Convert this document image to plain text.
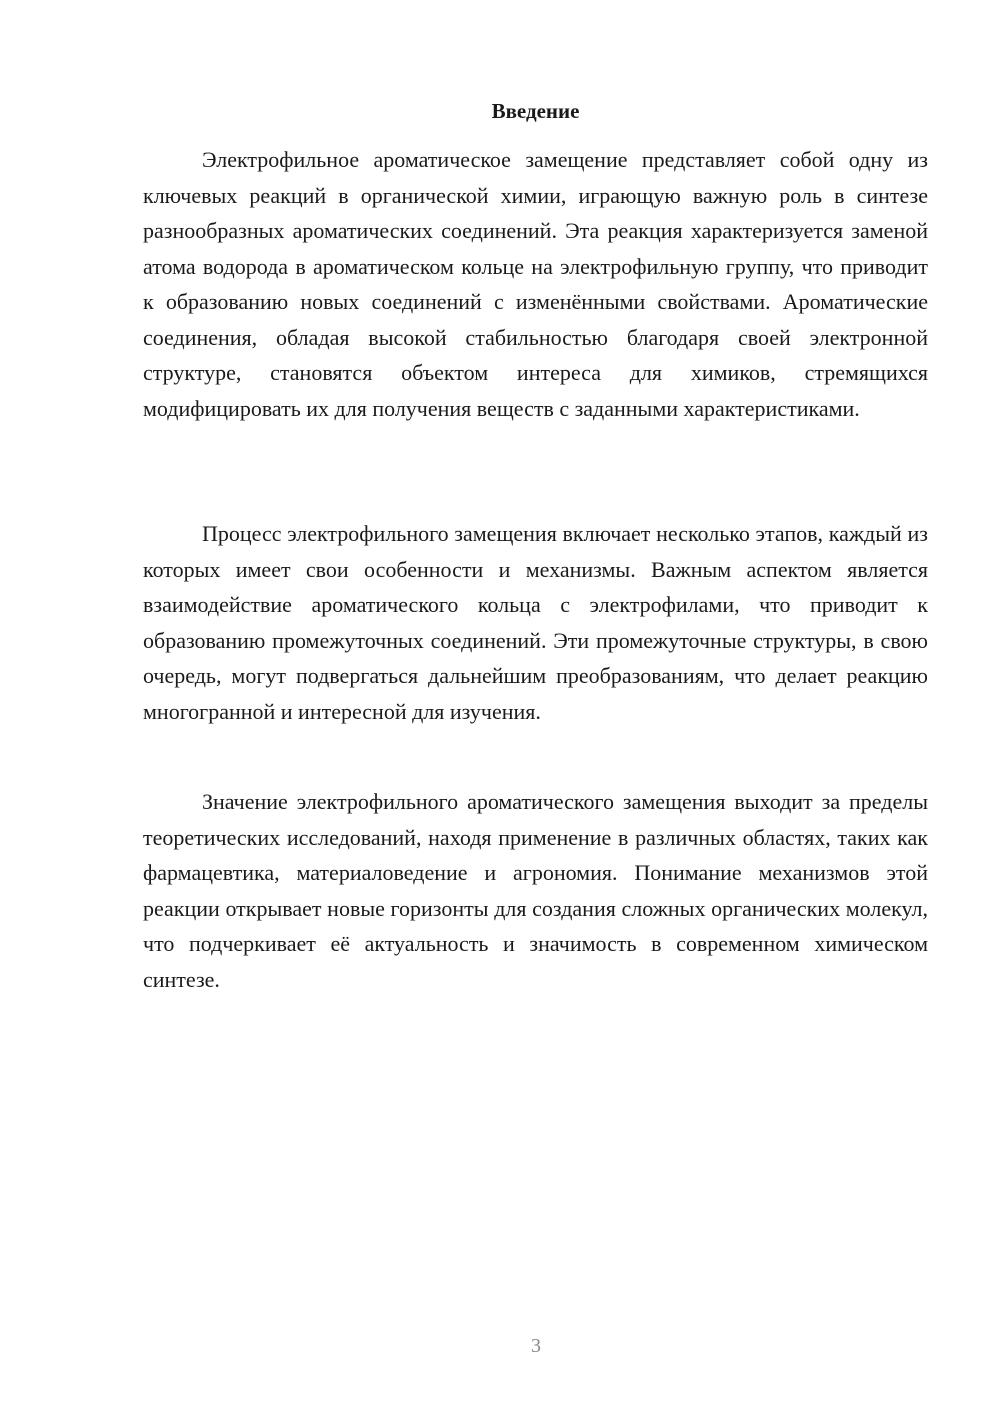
Введение

Электрофильное ароматическое замещение представляет собой одну из ключевых реакций в органической химии, играющую важную роль в синтезе разнообразных ароматических соединений. Эта реакция характеризуется заменой атома водорода в ароматическом кольце на электрофильную группу, что приводит к образованию новых соединений с изменёнными свойствами. Ароматические соединения, обладая высокой стабильностью благодаря своей электронной структуре, становятся объектом интереса для химиков, стремящихся модифицировать их для получения веществ с заданными характеристиками.

Процесс электрофильного замещения включает несколько этапов, каждый из которых имеет свои особенности и механизмы. Важным аспектом является взаимодействие ароматического кольца с электрофилами, что приводит к образованию промежуточных соединений. Эти промежуточные структуры, в свою очередь, могут подвергаться дальнейшим преобразованиям, что делает реакцию многогранной и интересной для изучения.

Значение электрофильного ароматического замещения выходит за пределы теоретических исследований, находя применение в различных областях, таких как фармацевтика, материаловедение и агрономия. Понимание механизмов этой реакции открывает новые горизонты для создания сложных органических молекул, что подчеркивает её актуальность и значимость в современном химическом синтезе.

3
